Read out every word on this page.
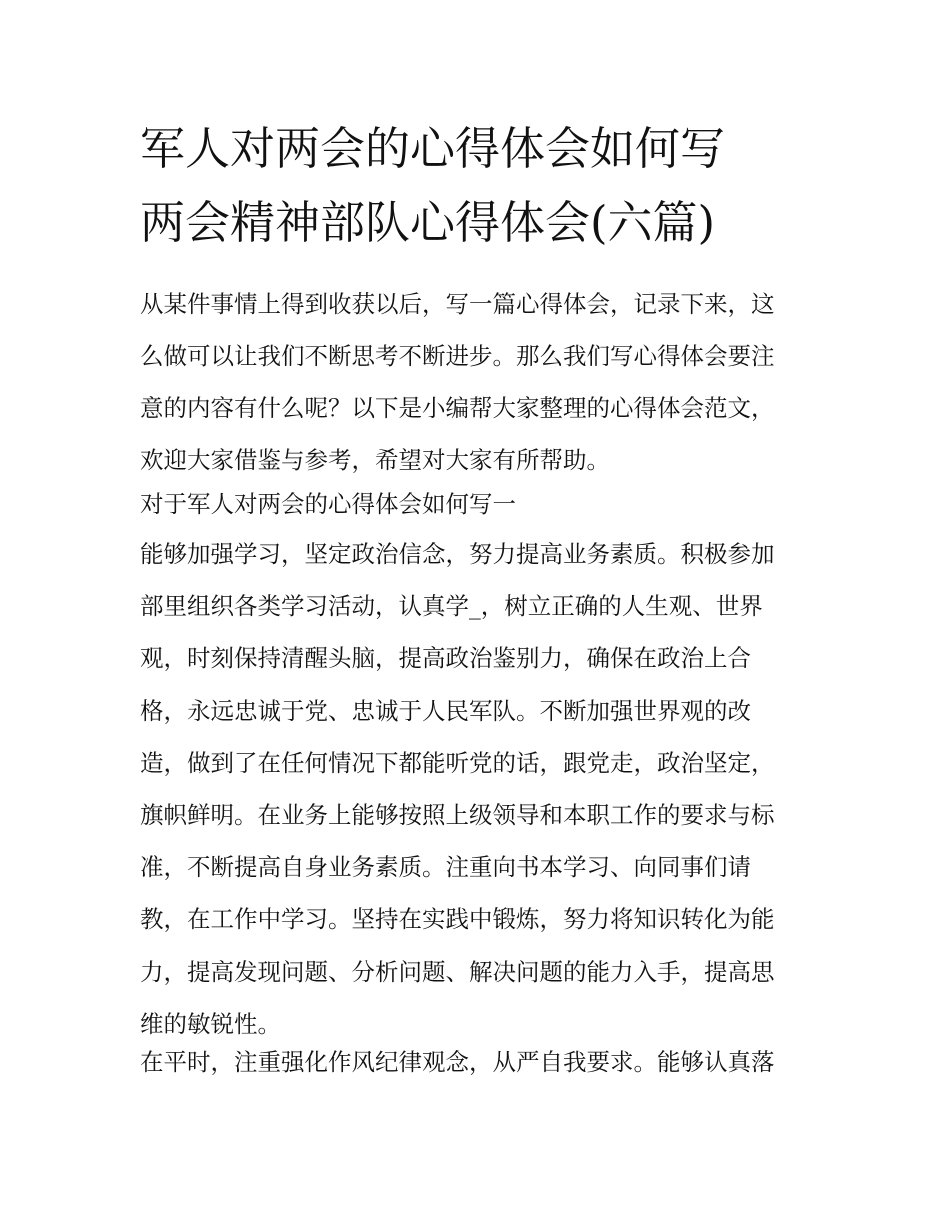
军人对两会的心得体会如何写
两会精神部队心得体会(六篇)

从某件事情上得到收获以后，写一篇心得体会，记录下来，这
么做可以让我们不断思考不断进步。那么我们写心得体会要注
意的内容有什么呢？以下是小编帮大家整理的心得体会范文，
欢迎大家借鉴与参考，希望对大家有所帮助。

对于军人对两会的心得体会如何写一

能够加强学习，坚定政治信念，努力提高业务素质。积极参加
部里组织各类学习活动，认真学_，树立正确的人生观、世界
观，时刻保持清醒头脑，提高政治鉴别力，确保在政治上合
格，永远忠诚于党、忠诚于人民军队。不断加强世界观的改
造，做到了在任何情况下都能听党的话，跟党走，政治坚定，
旗帜鲜明。在业务上能够按照上级领导和本职工作的要求与标
准，不断提高自身业务素质。注重向书本学习、向同事们请
教，在工作中学习。坚持在实践中锻炼，努力将知识转化为能
力，提高发现问题、分析问题、解决问题的能力入手，提高思
维的敏锐性。

在平时，注重强化作风纪律观念，从严自我要求。能够认真落
